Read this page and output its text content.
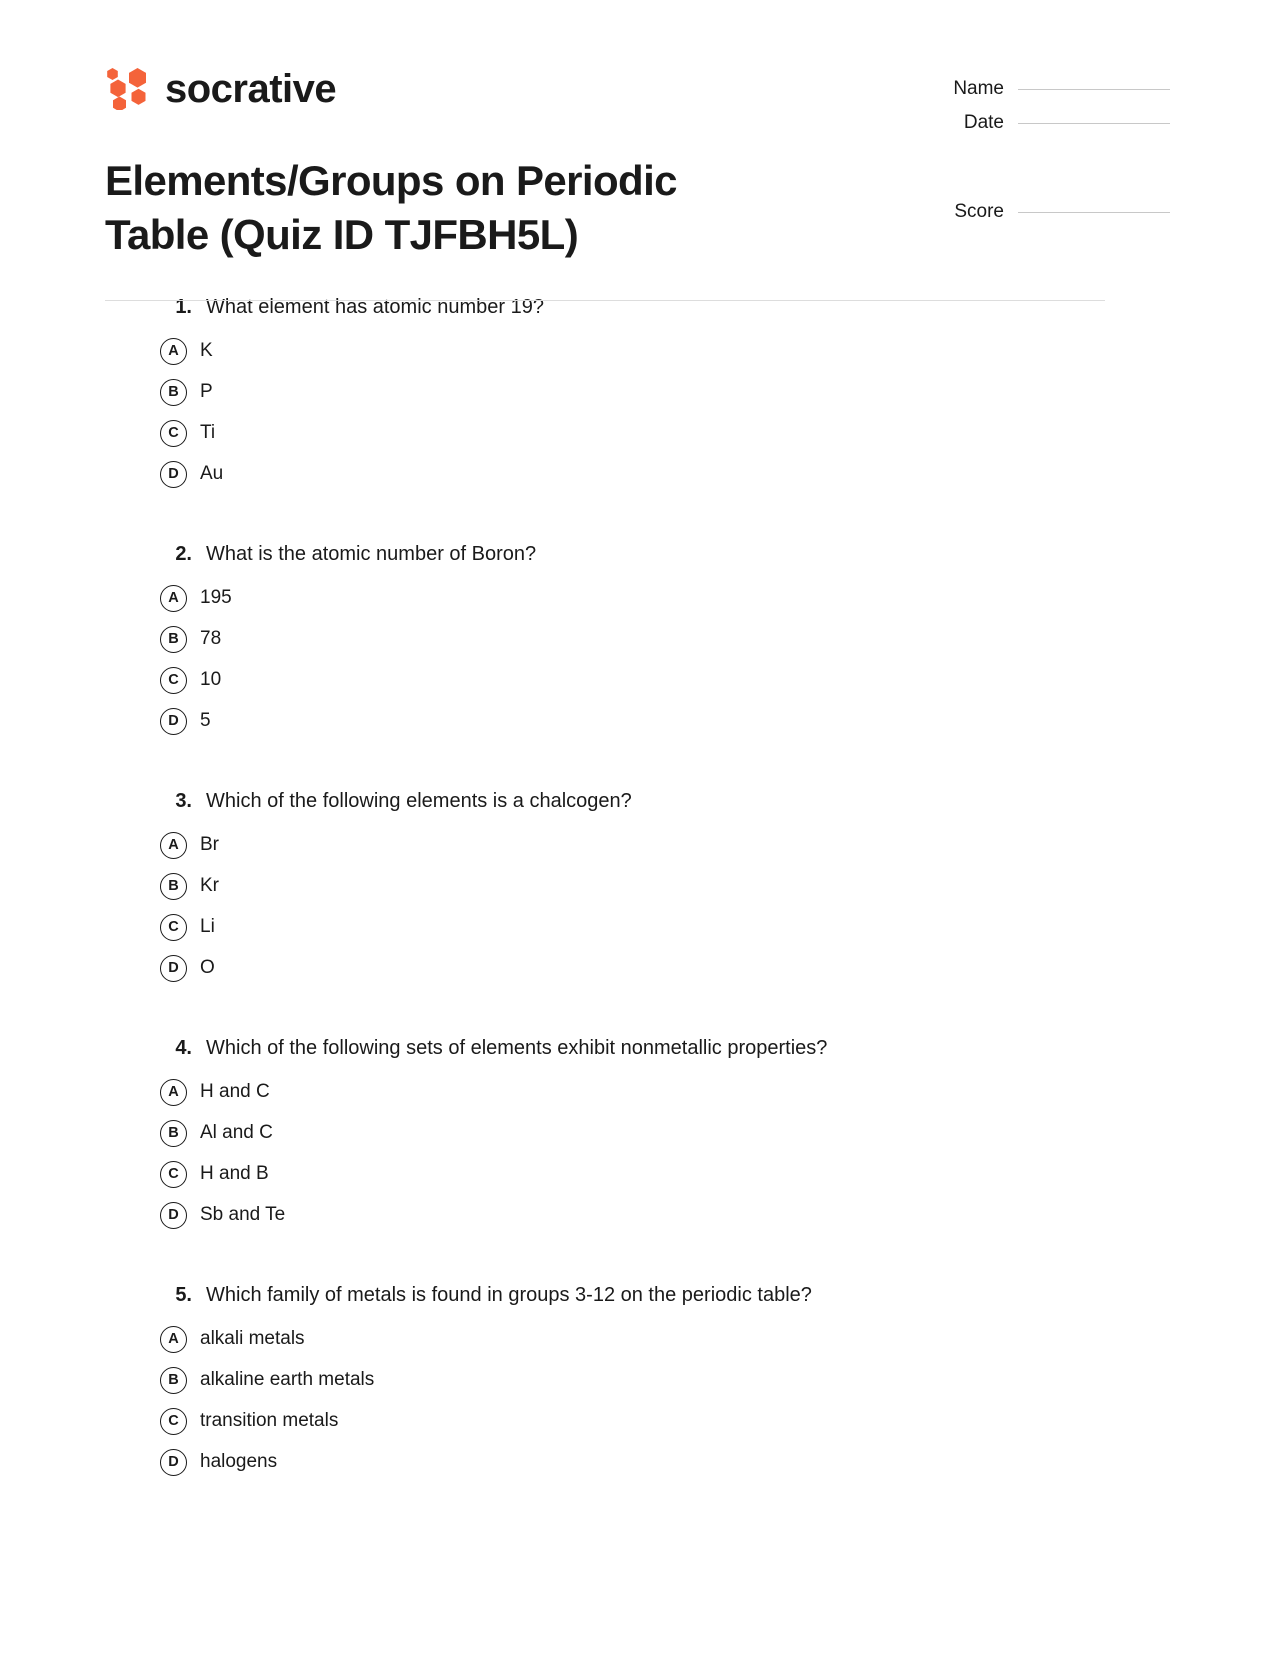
socrative
Elements/Groups on Periodic Table (Quiz ID TJFBH5L)
Name
Date
Score
1. What element has atomic number 19?
A	K
B	P
C	Ti
D	Au
2. What is the atomic number of Boron?
A	195
B	78
C	10
D	5
3. Which of the following elements is a chalcogen?
A	Br
B	Kr
C	Li
D	O
4. Which of the following sets of elements exhibit nonmetallic properties?
A	H and C
B	Al and C
C	H and B
D	Sb and Te
5. Which family of metals is found in groups 3-12 on the periodic table?
A	alkali metals
B	alkaline earth metals
C	transition metals
D	halogens
